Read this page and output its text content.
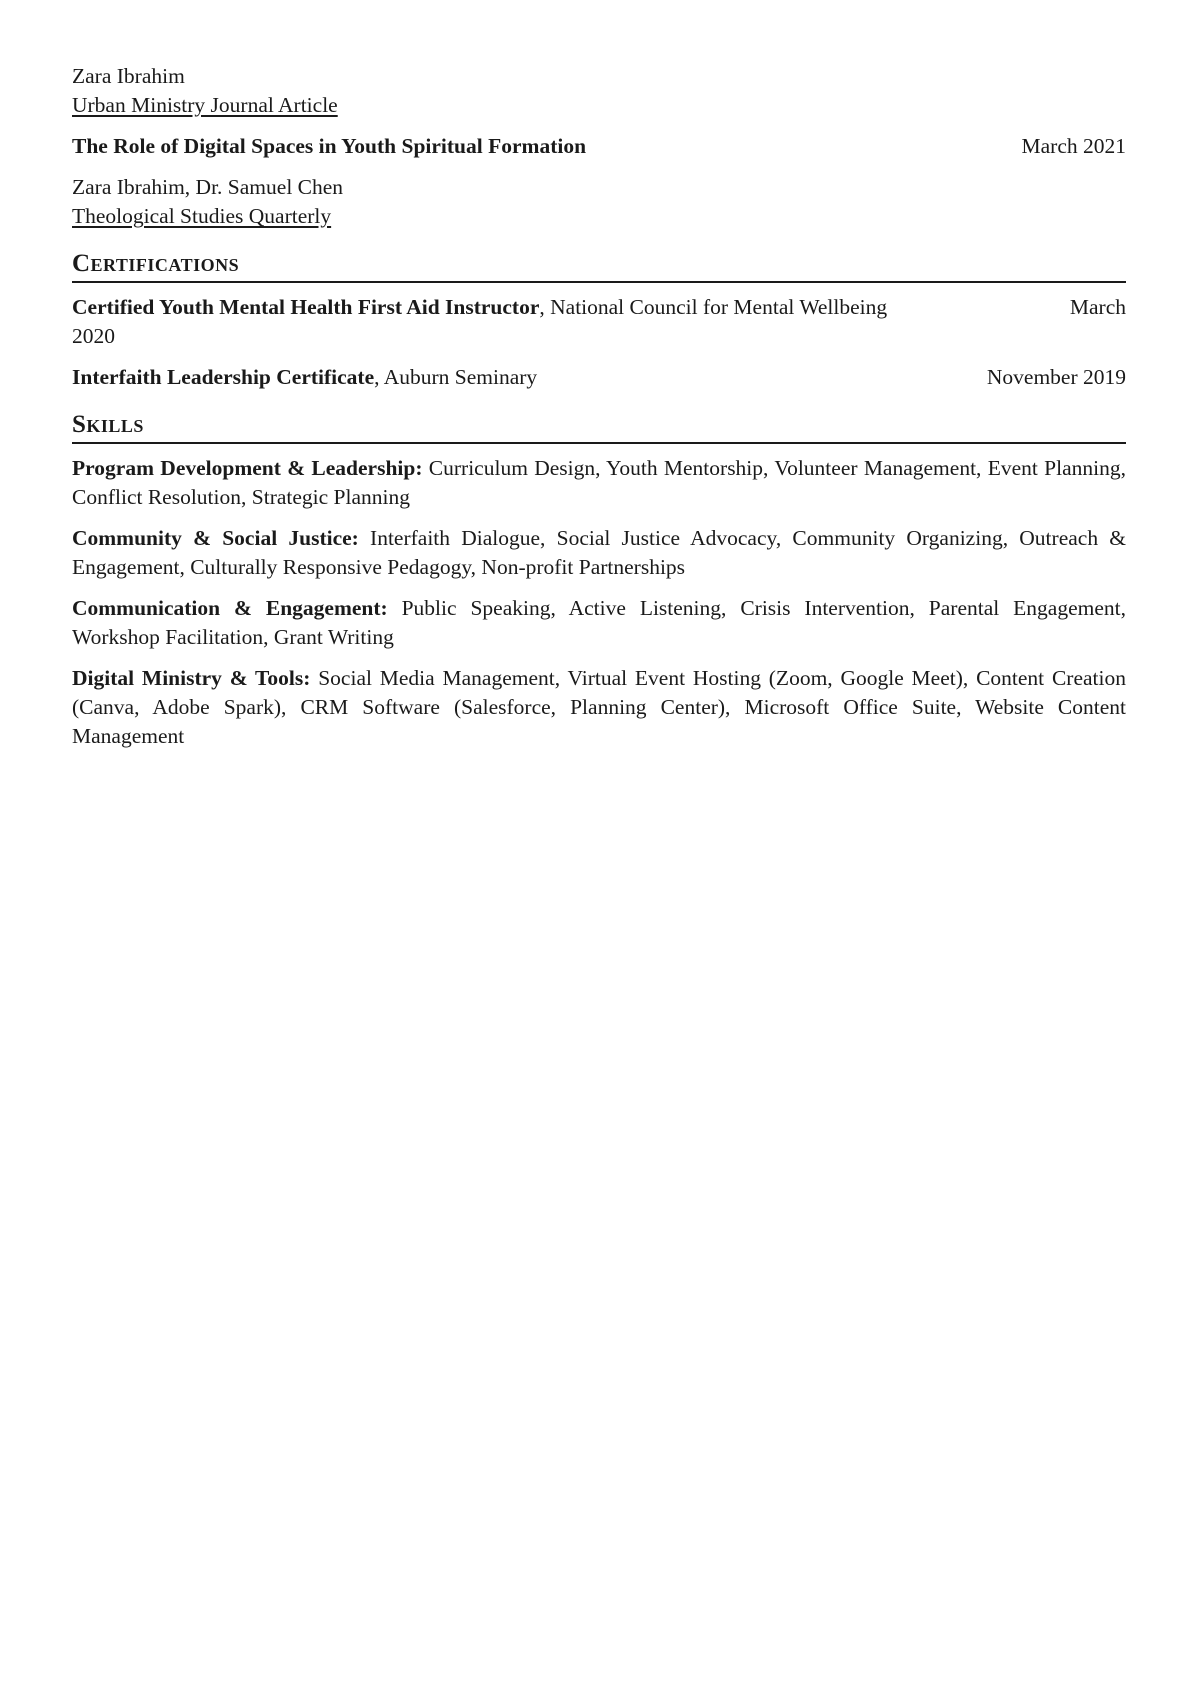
Zara Ibrahim
Urban Ministry Journal Article
The Role of Digital Spaces in Youth Spiritual Formation	March 2021
Zara Ibrahim, Dr. Samuel Chen
Theological Studies Quarterly
Certifications
Certified Youth Mental Health First Aid Instructor, National Council for Mental Wellbeing	March
2020
Interfaith Leadership Certificate, Auburn Seminary	November 2019
Skills
Program Development & Leadership: Curriculum Design, Youth Mentorship, Volunteer Management, Event Planning, Conflict Resolution, Strategic Planning
Community & Social Justice: Interfaith Dialogue, Social Justice Advocacy, Community Organizing, Outreach & Engagement, Culturally Responsive Pedagogy, Non-profit Partnerships
Communication & Engagement: Public Speaking, Active Listening, Crisis Intervention, Parental Engagement, Workshop Facilitation, Grant Writing
Digital Ministry & Tools: Social Media Management, Virtual Event Hosting (Zoom, Google Meet), Content Creation (Canva, Adobe Spark), CRM Software (Salesforce, Planning Center), Microsoft Office Suite, Website Content Management
